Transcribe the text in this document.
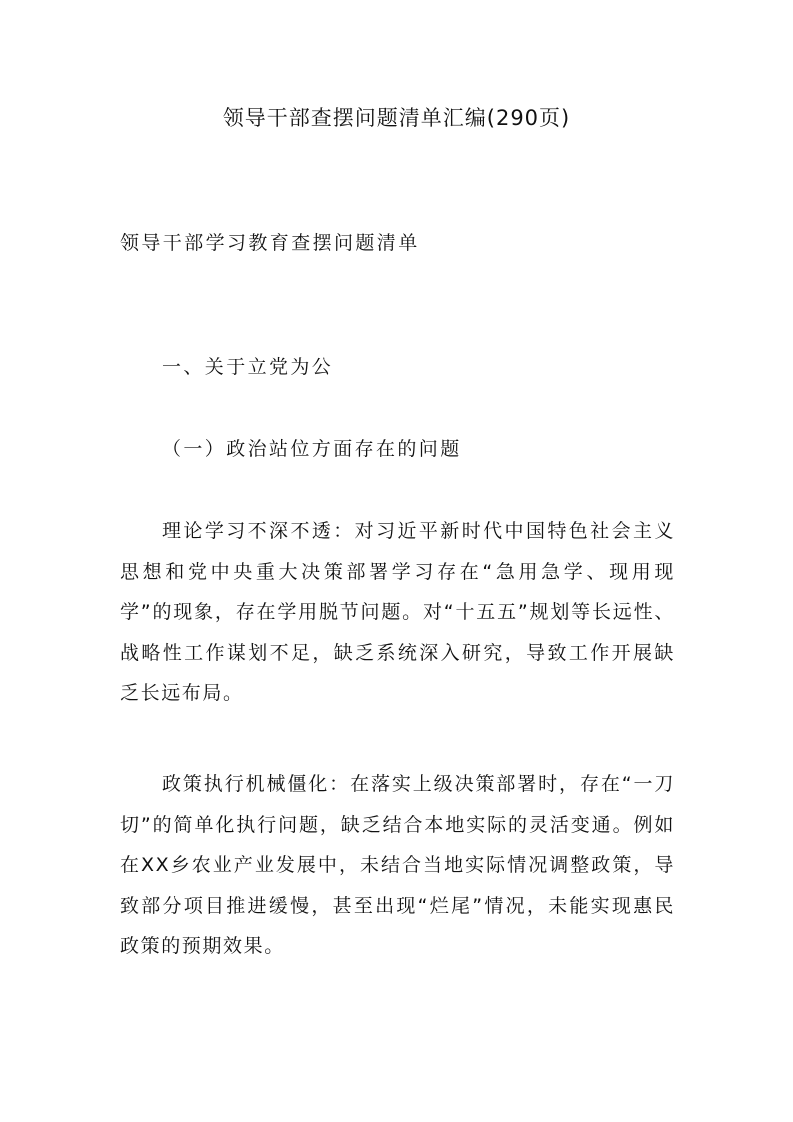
领导干部查摆问题清单汇编(290页)

领导干部学习教育查摆问题清单

一、关于立党为公

（一）政治站位方面存在的问题

理论学习不深不透：对习近平新时代中国特色社会主义思想和党中央重大决策部署学习存在“急用急学、现用现学”的现象，存在学用脱节问题。对“十五五”规划等长远性、战略性工作谋划不足，缺乏系统深入研究，导致工作开展缺乏长远布局。

政策执行机械僵化：在落实上级决策部署时，存在“一刀切”的简单化执行问题，缺乏结合本地实际的灵活变通。例如在XX乡农业产业发展中，未结合当地实际情况调整政策，导致部分项目推进缓慢，甚至出现“烂尾”情况，未能实现惠民政策的预期效果。
